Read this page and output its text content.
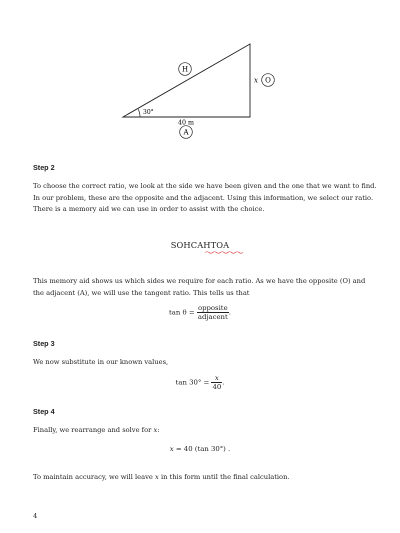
H
O
A
x
30°
40 m
Step 2
To choose the correct ratio, we look at the side we have been given and the one that we want to find.
In our problem, these are the opposite and the adjacent. Using this information, we select our ratio.
There is a memory aid we can use in order to assist with the choice.
SOHCAHTOA
This memory aid shows us which sides we require for each ratio. As we have the opposite (O) and
the adjacent (A), we will use the tangent ratio. This tells us that
$\tan \theta = \frac{\text{opposite}}{\text{adjacent}}$ .
Step 3
We now substitute in our known values,
$\tan 30^\circ = \frac{x}{40}$ .
Step 4
Finally, we rearrange and solve for x:
x = 40 (tan 30°) .
To maintain accuracy, we will leave x in this form until the final calculation.
4
